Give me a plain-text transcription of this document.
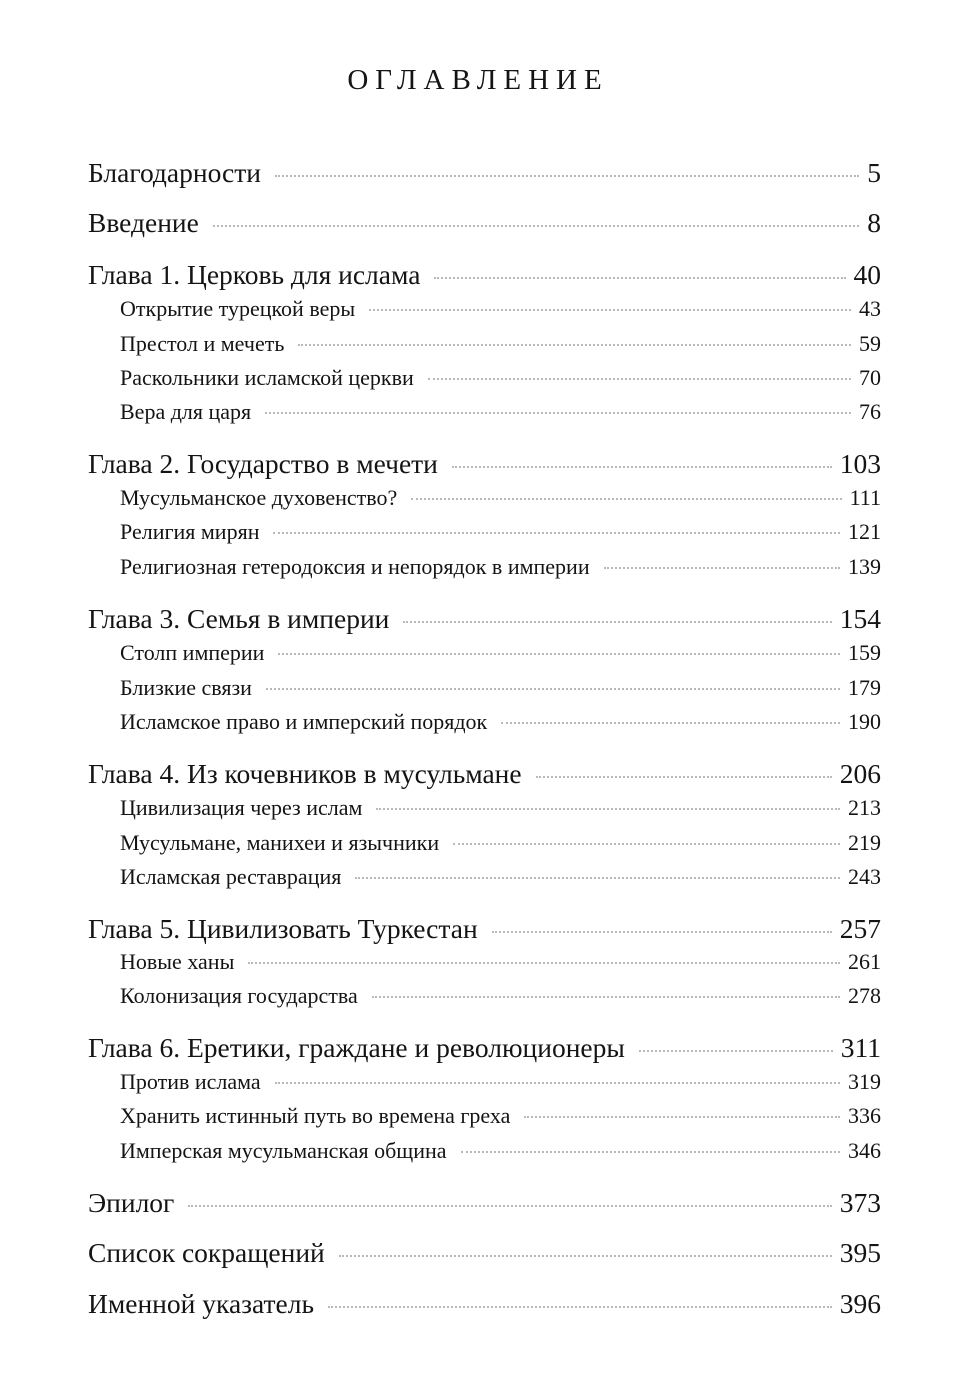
ОГЛАВЛЕНИЕ
Благодарности	5
Введение	8
Глава 1. Церковь для ислама	40
Открытие турецкой веры	43
Престол и мечеть	59
Раскольники исламской церкви	70
Вера для царя	76
Глава 2. Государство в мечети	103
Мусульманское духовенство?	111
Религия мирян	121
Религиозная гетеродоксия и непорядок в империи	139
Глава 3. Семья в империи	154
Столп империи	159
Близкие связи	179
Исламское право и имперский порядок	190
Глава 4. Из кочевников в мусульмане	206
Цивилизация через ислам	213
Мусульмане, манихеи и язычники	219
Исламская реставрация	243
Глава 5. Цивилизовать Туркестан	257
Новые ханы	261
Колонизация государства	278
Глава 6. Еретики, граждане и революционеры	311
Против ислама	319
Хранить истинный путь во времена греха	336
Имперская мусульманская община	346
Эпилог	373
Список сокращений	395
Именной указатель	396
